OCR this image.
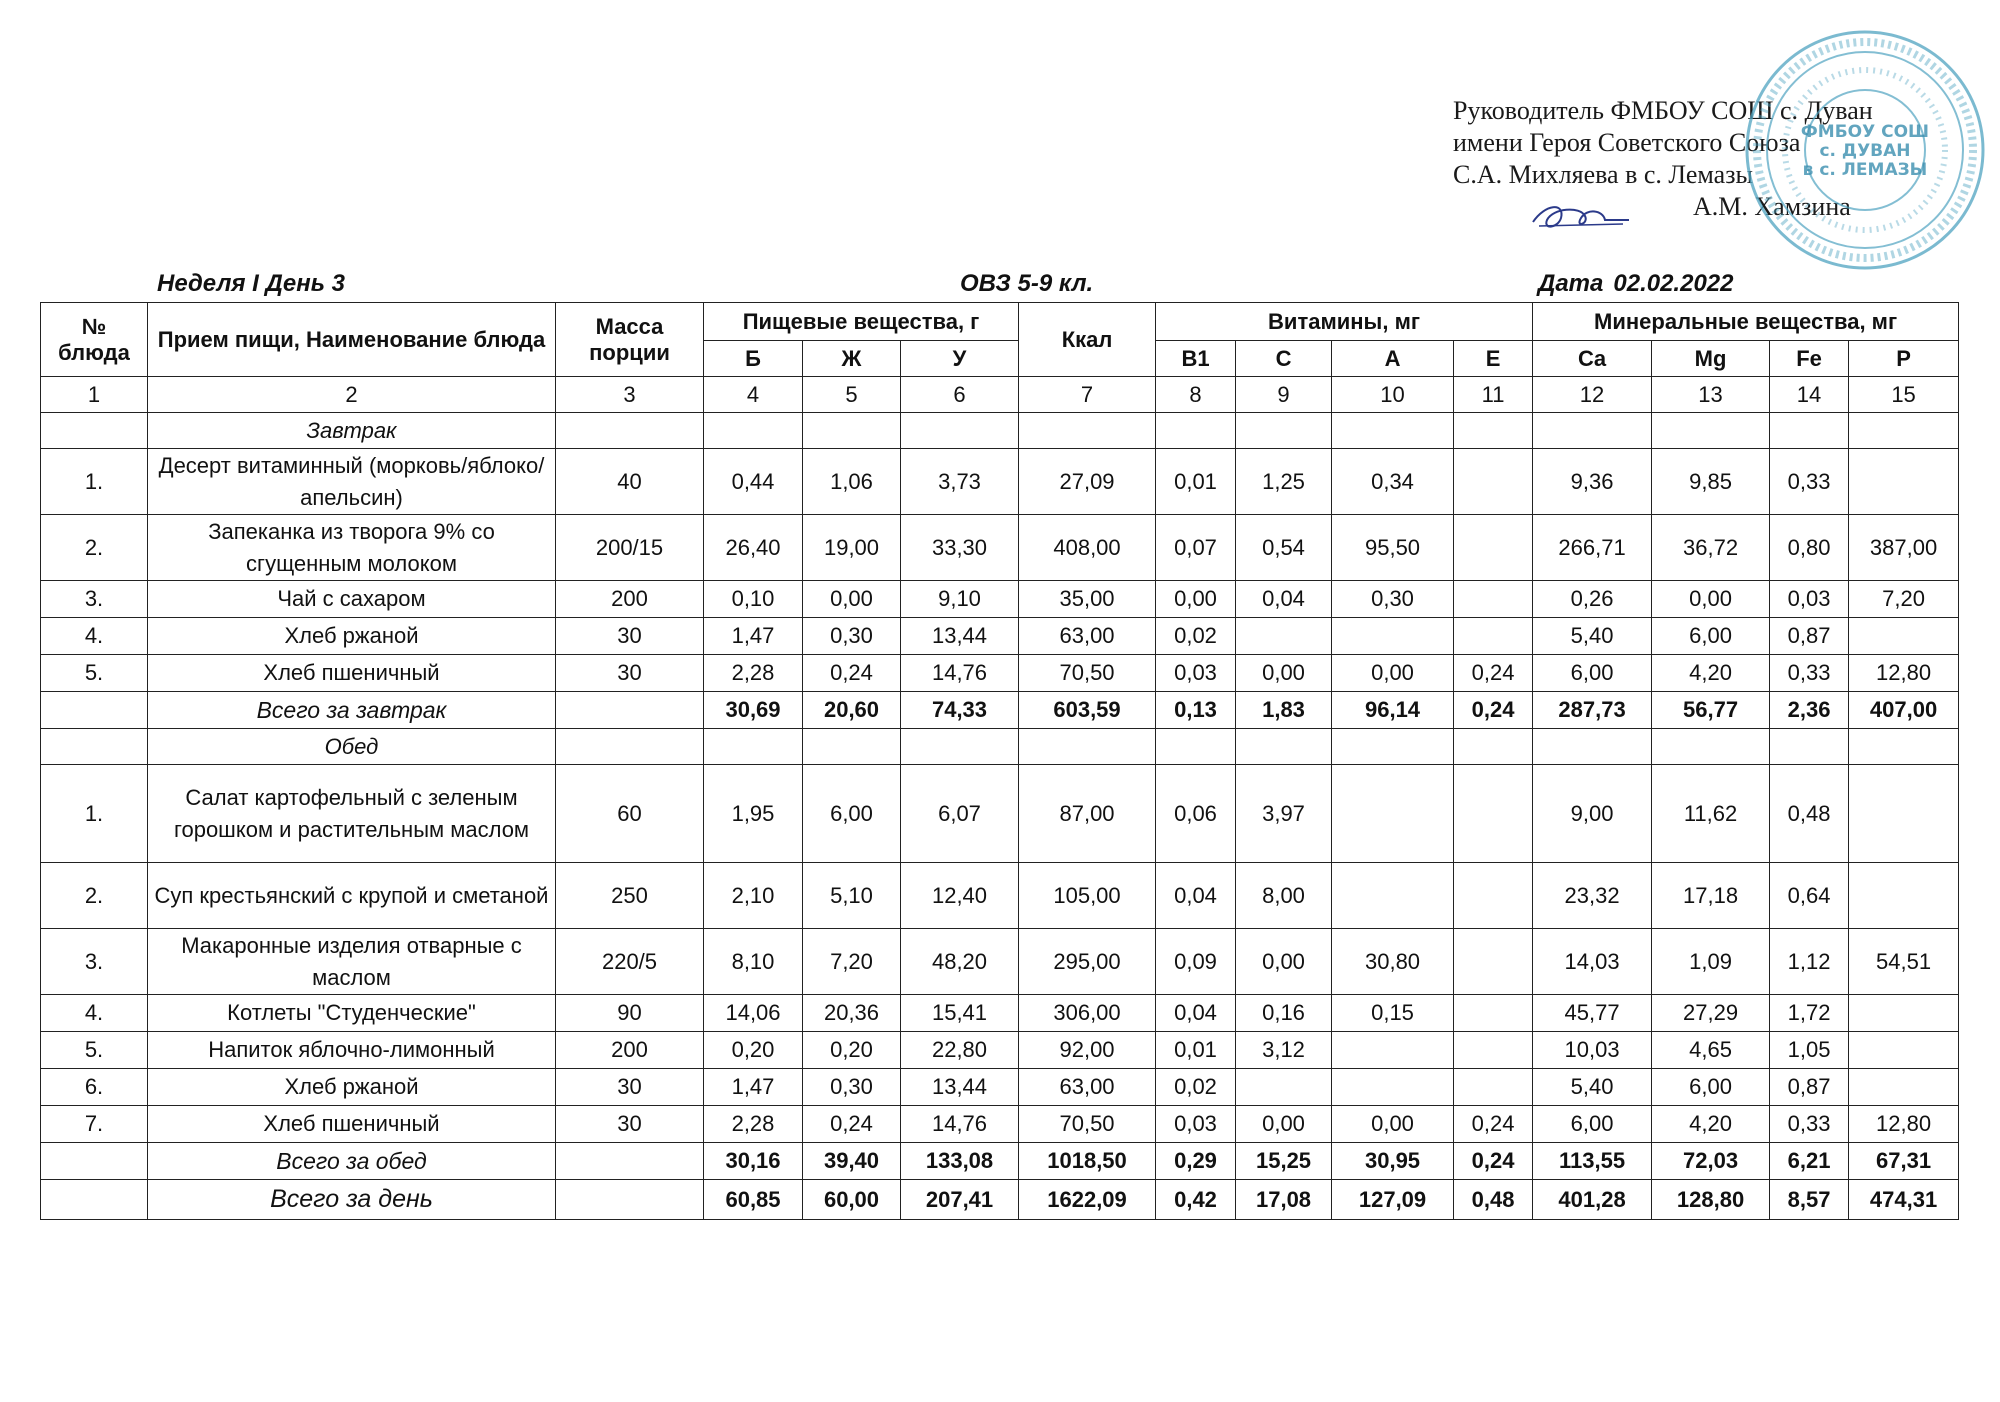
Руководитель ФМБОУ СОШ с. Дуван
имени Героя Советского Союза
С.А. Михляева в с. Лемазы
А.М. Хамзина
ФМБОУ СОШ
с. ДУВАН
в с. ЛЕМАЗЫ
Неделя I День 3	ОВЗ 5-9 кл.	Дата 02.02.2022
№ блюда	Прием пищи, Наименование блюда	Масса порции	Пищевые вещества, г			Ккал	Витамины, мг				Минеральные вещества, мг			
			Б	Ж	У		В1	С	А	Е	Ca	Mg	Fe	P
1	2	3	4	5	6	7	8	9	10	11	12	13	14	15
	Завтрак													
1.	Десерт витаминный (морковь/яблоко/апельсин)	40	0,44	1,06	3,73	27,09	0,01	1,25	0,34		9,36	9,85	0,33	
2.	Запеканка из творога 9% со сгущенным молоком	200/15	26,40	19,00	33,30	408,00	0,07	0,54	95,50		266,71	36,72	0,80	387,00
3.	Чай с сахаром	200	0,10	0,00	9,10	35,00	0,00	0,04	0,30		0,26	0,00	0,03	7,20
4.	Хлеб ржаной	30	1,47	0,30	13,44	63,00	0,02				5,40	6,00	0,87	
5.	Хлеб пшеничный	30	2,28	0,24	14,76	70,50	0,03	0,00	0,00	0,24	6,00	4,20	0,33	12,80
	Всего за завтрак		30,69	20,60	74,33	603,59	0,13	1,83	96,14	0,24	287,73	56,77	2,36	407,00
	Обед													
1.	Салат картофельный с зеленым горошком и растительным маслом	60	1,95	6,00	6,07	87,00	0,06	3,97			9,00	11,62	0,48	
2.	Суп крестьянский с крупой и сметаной	250	2,10	5,10	12,40	105,00	0,04	8,00			23,32	17,18	0,64	
3.	Макаронные изделия отварные с маслом	220/5	8,10	7,20	48,20	295,00	0,09	0,00	30,80		14,03	1,09	1,12	54,51
4.	Котлеты "Студенческие"	90	14,06	20,36	15,41	306,00	0,04	0,16	0,15		45,77	27,29	1,72	
5.	Напиток яблочно-лимонный	200	0,20	0,20	22,80	92,00	0,01	3,12			10,03	4,65	1,05	
6.	Хлеб ржаной	30	1,47	0,30	13,44	63,00	0,02				5,40	6,00	0,87	
7.	Хлеб пшеничный	30	2,28	0,24	14,76	70,50	0,03	0,00	0,00	0,24	6,00	4,20	0,33	12,80
	Всего за обед		30,16	39,40	133,08	1018,50	0,29	15,25	30,95	0,24	113,55	72,03	6,21	67,31
	Всего за день		60,85	60,00	207,41	1622,09	0,42	17,08	127,09	0,48	401,28	128,80	8,57	474,31
